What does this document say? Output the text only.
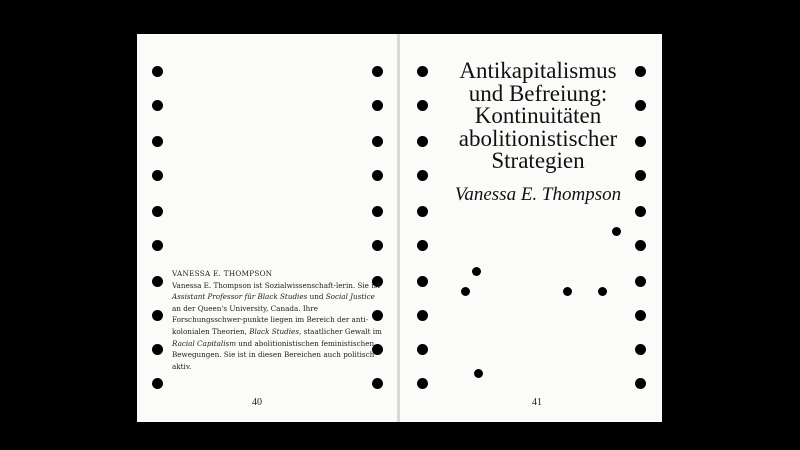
VANESSA E. THOMPSON
Vanessa E. Thompson ist Sozialwissenschaft-lerin. Sie ist Assistant Professor für Black Studies und Social Justice an der Queen's University, Canada. Ihre Forschungsschwer-punkte liegen im Bereich der anti-kolonialen Theorien, Black Studies, staatlicher Gewalt im Racial Capitalism und abolitionistischen feministischen Bewegungen. Sie ist in diesen Bereichen auch politisch aktiv.
40	41
Antikapitalismus
und Befreiung:
Kontinuitäten
abolitionistischer
Strategien
Vanessa E. Thompson
